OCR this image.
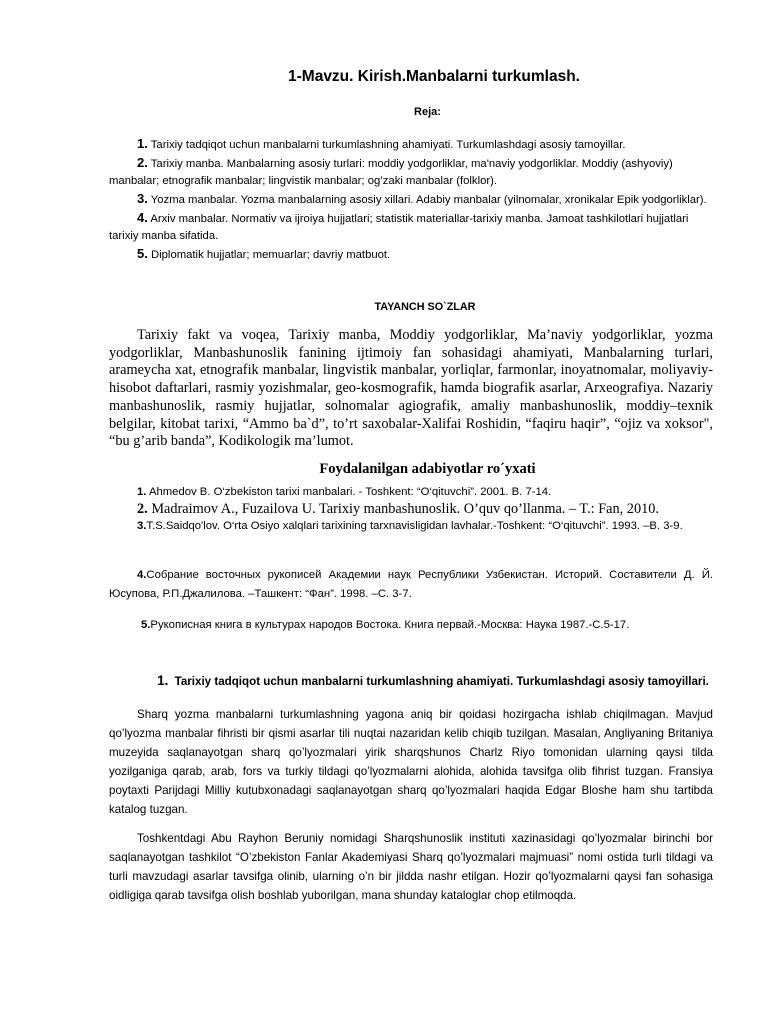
1-Mavzu. Kirish.Manbalarni turkumlash.
Reja:
1. Tarixiy tadqiqot uchun manbalarni turkumlashning ahamiyati. Turkumlashdagi asosiy tamoyillar.
2. Tarixiy manba. Manbalarning asosiy turlari: moddiy yodgorliklar, ma'naviy yodgorliklar. Moddiy (ashyoviy) manbalar; etnografik manbalar; lingvistik manbalar; og’zaki manbalar (folklor).
3. Yozma manbalar. Yozma manbalarning asosiy xillari. Adabiy manbalar (yilnomalar, xronikalar Epik yodgorliklar).
4. Arxiv manbalar. Normativ va ijroiya hujjatlari; statistik materiallar-tarixiy manba. Jamoat tashkilotlari hujjatlari tarixiy manba sifatida.
5. Diplomatik hujjatlar; memuarlar; davriy matbuot.
TAYANCH SO`ZLAR
Tarixiy fakt va voqea, Tarixiy manba, Moddiy yodgorliklar, Ma’naviy yodgorliklar, yozma yodgorliklar, Manbashunoslik fanining ijtimoiy fan sohasidagi ahamiyati, Manbalarning turlari, arameycha xat, etnografik manbalar, lingvistik manbalar, yorliqlar, farmonlar, inoyatnomalar, moliyaviy-hisobot daftarlari, rasmiy yozishmalar, geo-kosmografik, hamda biografik asarlar, Arxeografiya. Nazariy manbashunoslik, rasmiy hujjatlar, solnomalar agiografik, amaliy manbashunoslik, moddiy–texnik belgilar, kitobat tarixi, “Ammo ba`d”, to’rt saxobalar-Xalifai Roshidin, “faqiru haqir”, “ojiz va xoksor", “bu g’arib banda”, Kodikologik ma’lumot.
Foydalanilgan adabiyotlar ro´yxati
1. Ahmedov B. O‘zbekiston tarixi manbalari. - Toshkent: “O‘qituvchi”. 2001. B. 7-14.
2. Madraimov A., Fuzailova U. Tarixiy manbashunoslik. O’quv qo’llanma. – T.: Fan, 2010.
3.T.S.Saidqo'lov. O‘rta Osiyo xalqlari tarixining tarxnavisligidan lavhalar.-Toshkent: “O‘qituvchi”. 1993. –B. 3-9.
4.Собрание восточных рукописей Академии наук Республики Узбекистан. Историй. Составители Д. Й. Юсупова, Р.П.Джалилова. –Ташкент: “Фан”. 1998. –С. 3-7.
5.Рукописная книга в культурах народов Востока. Книга первай.-Москва: Наука 1987.-С.5-17.
1. Tarixiy tadqiqot uchun manbalarni turkumlashning ahamiyati. Turkumlashdagi asosiy tamoyillari.
Sharq yozma manbalarni turkumlashning yagona aniq bir qoidasi hozirgacha ishlab chiqilmagan. Mavjud qo’lyozma manbalar fihristi bir qismi asarlar tili nuqtai nazaridan kelib chiqib tuzilgan. Masalan, Angliyaning Britaniya muzeyida saqlanayotgan sharq qo’lyozmalari yirik sharqshunos Charlz Riyo tomonidan ularning qaysi tilda yozilganiga qarab, arab, fors va turkiy tildagi qo’lyozmalarni alohida, alohida tavsifga olib fihrist tuzgan. Fransiya poytaxti Parijdagi Milliy kutubxonadagi saqlanayotgan sharq qo’lyozmalari haqida Edgar Bloshe ham shu tartibda katalog tuzgan.
Toshkentdagi Abu Rayhon Beruniy nomidagi Sharqshunoslik instituti xazinasidagi qo’lyozmalar birinchi bor saqlanayotgan tashkilot “O’zbekiston Fanlar Akademiyasi Sharq qo’lyozmalari majmuasi” nomi ostida turli tildagi va turli mavzudagi asarlar tavsifga olinib, ularning o’n bir jildda nashr etilgan. Hozir qo’lyozmalarni qaysi fan sohasiga oidligiga qarab tavsifga olish boshlab yuborilgan, mana shunday kataloglar chop etilmoqda.
